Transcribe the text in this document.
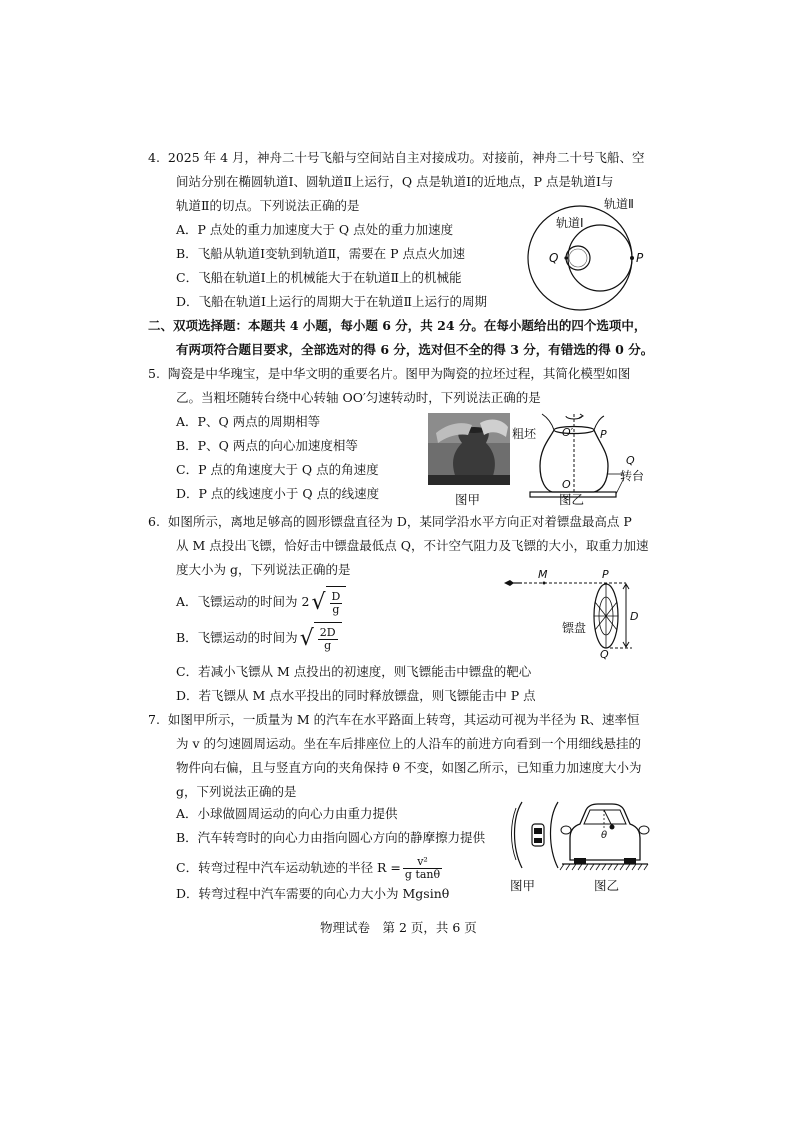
4.  2025 年 4 月，神舟二十号飞船与空间站自主对接成功。对接前，神舟二十号飞船、空
间站分别在椭圆轨道Ⅰ、圆轨道Ⅱ上运行，Q 点是轨道Ⅰ的近地点，P 点是轨道Ⅰ与
轨道Ⅱ的切点。下列说法正确的是
A．P 点处的重力加速度大于 Q 点处的重力加速度
B．飞船从轨道Ⅰ变轨到轨道Ⅱ，需要在 P 点点火加速
C．飞船在轨道Ⅰ上的机械能大于在轨道Ⅱ上的机械能
D．飞船在轨道Ⅰ上运行的周期大于在轨道Ⅱ上运行的周期
轨道Ⅱ
轨道Ⅰ
Q	P
二、双项选择题：本题共 4 小题，每小题 6 分，共 24 分。在每小题给出的四个选项中，
有两项符合题目要求，全部选对的得 6 分，选对但不全的得 3 分，有错选的得 0 分。
5.  陶瓷是中华瑰宝，是中华文明的重要名片。图甲为陶瓷的拉坯过程，其简化模型如图
乙。当粗坯随转台绕中心转轴 OO′匀速转动时，下列说法正确的是
A．P、Q 两点的周期相等
B．P、Q 两点的向心加速度相等
C．P 点的角速度大于 Q 点的角速度
D．P 点的线速度小于 Q 点的线速度	图甲
粗坯 O′
O
P
Q
转台
图乙
6.  如图所示，离地足够高的圆形镖盘直径为 D，某同学沿水平方向正对着镖盘最高点 P
从 M 点投出飞镖，恰好击中镖盘最低点 Q，不计空气阻力及飞镖的大小，取重力加速
度大小为 g，下列说法正确的是
A．飞镖运动的时间为 $2√ \frac{D}{g}$
B．飞镖运动的时间为√ $\frac{2D}{g}$
C．若减小飞镖从 M 点投出的初速度，则飞镖能击中镖盘的靶心
D．若飞镖从 M 点水平投出的同时释放镖盘，则飞镖能击中 P 点
M	P
D
Q
镖盘
7.  如图甲所示，一质量为 M 的汽车在水平路面上转弯，其运动可视为半径为 R、速率恒
为 v 的匀速圆周运动。坐在车后排座位上的人沿车的前进方向看到一个用细线悬挂的
物件向右偏，且与竖直方向的夹角保持 θ 不变，如图乙所示，已知重力加速度大小为
g，下列说法正确的是
A．小球做圆周运动的向心力由重力提供
B．汽车转弯时的向心力由指向圆心方向的静摩擦力提供
C．转弯过程中汽车运动轨迹的半径 $R = \frac{\text{v²}}{\text{g tanθ}}$
D．转弯过程中汽车需要的向心力大小为 Mgsinθ
图甲
θ
图乙
物理试卷　第 2 页，共 6 页
